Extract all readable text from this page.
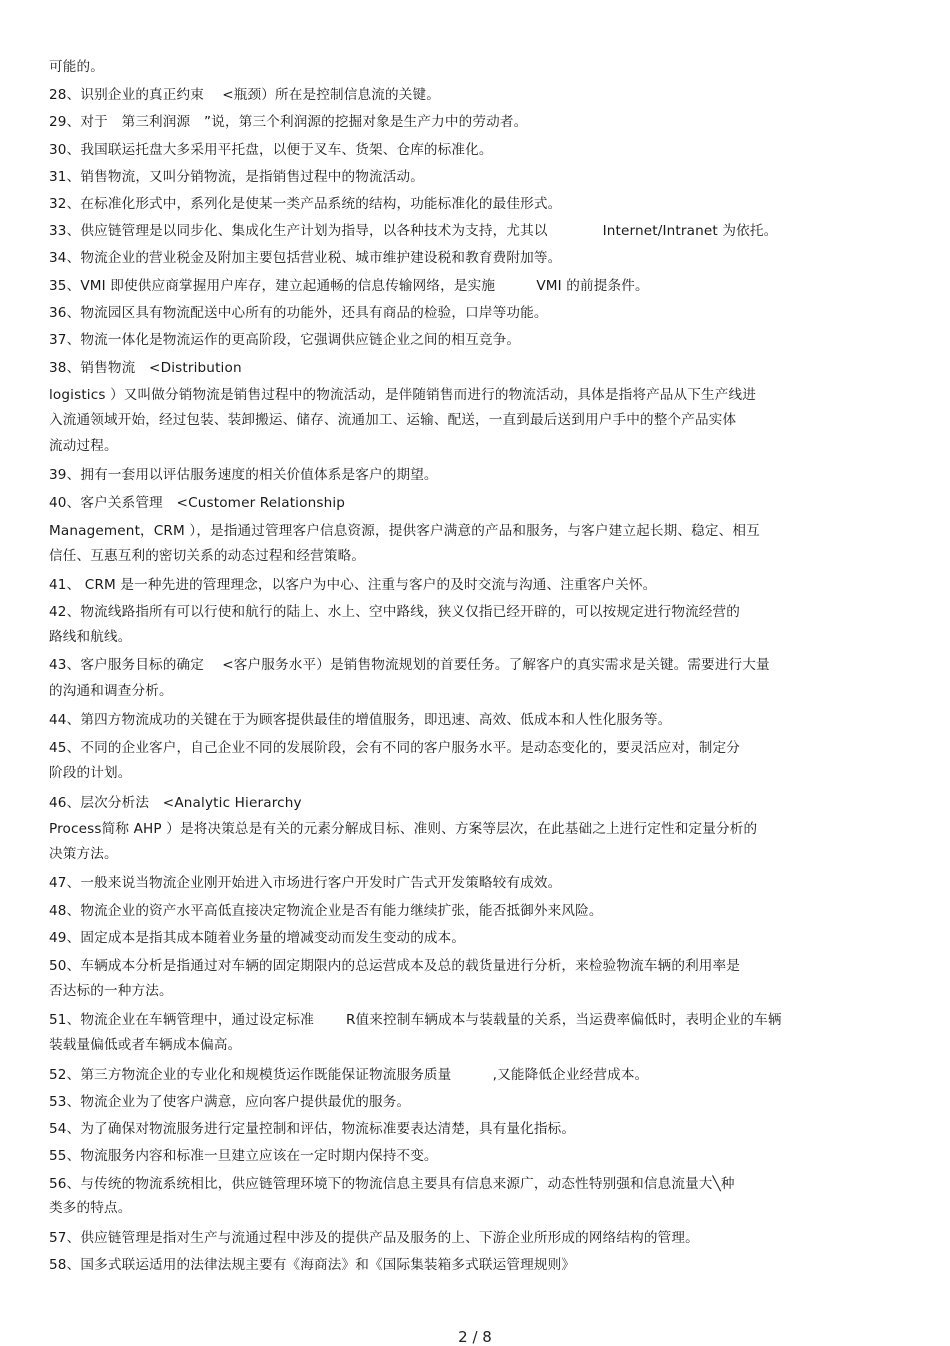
可能的。
28、识别企业的真正约束　 <瓶颈）所在是控制信息流的关键。
29、对于　第三利润源　”说，第三个利润源的挖掘对象是生产力中的劳动者。
30、我国联运托盘大多采用平托盘，以便于叉车、货架、仓库的标准化。
31、销售物流，又叫分销物流，是指销售过程中的物流活动。
32、在标准化形式中，系列化是使某一类产品系统的结构，功能标准化的最佳形式。
33、供应链管理是以同步化、集成化生产计划为指导，以各种技术为支持，尤其以　　　　Internet/Intranet 为依托。
34、物流企业的营业税金及附加主要包括营业税、城市维护建设税和教育费附加等。
35、VMI 即使供应商掌握用户库存，建立起通畅的信息传输网络，是实施　　　VMI 的前提条件。
36、物流园区具有物流配送中心所有的功能外，还具有商品的检验，口岸等功能。
37、物流一体化是物流运作的更高阶段，它强调供应链企业之间的相互竞争。
38、销售物流　<Distribution
logistics ）又叫做分销物流是销售过程中的物流活动，是伴随销售而进行的物流活动，具体是指将产品从下生产线进
入流通领域开始，经过包装、装卸搬运、储存、流通加工、运输、配送，一直到最后送到用户手中的整个产品实体
流动过程。
39、拥有一套用以评估服务速度的相关价值体系是客户的期望。
40、客户关系管理　<Customer Relationship
Management，CRM ），是指通过管理客户信息资源，提供客户满意的产品和服务，与客户建立起长期、稳定、相互
信任、互惠互利的密切关系的动态过程和经营策略。
41、 CRM 是一种先进的管理理念，以客户为中心、注重与客户的及时交流与沟通、注重客户关怀。
42、物流线路指所有可以行使和航行的陆上、水上、空中路线，狭义仅指已经开辟的，可以按规定进行物流经营的
路线和航线。
43、客户服务目标的确定　 <客户服务水平）是销售物流规划的首要任务。了解客户的真实需求是关键。需要进行大量
的沟通和调查分析。
44、第四方物流成功的关键在于为顾客提供最佳的增值服务，即迅速、高效、低成本和人性化服务等。
45、不同的企业客户，自己企业不同的发展阶段，会有不同的客户服务水平。是动态变化的，要灵活应对，制定分
阶段的计划。
46、层次分析法　<Analytic Hierarchy
Process简称 AHP ）是将决策总是有关的元素分解成目标、准则、方案等层次，在此基础之上进行定性和定量分析的
决策方法。
47、一般来说当物流企业刚开始进入市场进行客户开发时广告式开发策略较有成效。
48、物流企业的资产水平高低直接决定物流企业是否有能力继续扩张，能否抵御外来风险。
49、固定成本是指其成本随着业务量的增减变动而发生变动的成本。
50、车辆成本分析是指通过对车辆的固定期限内的总运营成本及总的载货量进行分析，来检验物流车辆的利用率是
否达标的一种方法。
51、物流企业在车辆管理中，通过设定标准　　 R值来控制车辆成本与装载量的关系，当运费率偏低时，表明企业的车辆
装载量偏低或者车辆成本偏高。
52、第三方物流企业的专业化和规模货运作既能保证物流服务质量　　　,又能降低企业经营成本。
53、物流企业为了使客户满意，应向客户提供最优的服务。
54、为了确保对物流服务进行定量控制和评估，物流标准要表达清楚，具有量化指标。
55、物流服务内容和标准一旦建立应该在一定时期内保持不变。
56、与传统的物流系统相比，供应链管理环境下的物流信息主要具有信息来源广，动态性特别强和信息流量大╲种
类多的特点。
57、供应链管理是指对生产与流通过程中涉及的提供产品及服务的上、下游企业所形成的网络结构的管理。
58、国多式联运适用的法律法规主要有《海商法》和《国际集装箱多式联运管理规则》
2 / 8
